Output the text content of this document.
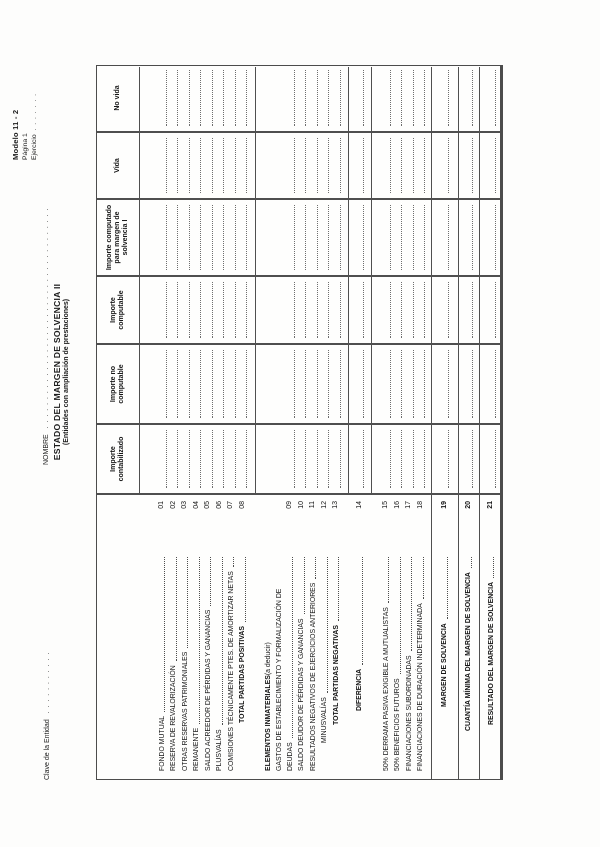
Modelo 11 - 2 Página 1 Ejercicio  . . . . . . .
Clave de la Entidad   . . . . . . . . . . .
NOMBRE   . . . . . . . . . . . . . . . . . . . . . . . . . . . . . . . . . . . . . . ESTADO DEL MARGEN DE SOLVENCIA II (Entidades con ampliación de prestaciones)
Importe contabilizado
Importe no computable
Importe computable
Importe computado para margen de solvencia I
Vida
No vida
FONDO MUTUAL
01
RESERVA DE REVALORIZACIÓN
02
OTRAS RESERVAS PATRIMONIALES
03
REMANENTE
04
SALDO ACREEDOR DE PÉRDIDAS Y GANANCIAS
05
PLUSVALÍAS
06
COMISIONES TÉCNICAMENTE PTES. DE AMORTIZAR NETAS
07
TOTAL PARTIDAS POSITIVAS
08
ELEMENTOS INMATERIALES
(a deducir) GASTOS DE ESTABLECIMIENTO Y FORMALIZACIÓN DE DEUDAS
09
SALDO DEUDOR DE PÉRDIDAS Y GANANCIAS
10
RESULTADOS NEGATIVOS DE EJERCICIOS ANTERIORES
11
MINUSVALÍAS
12
TOTAL PARTIDAS NEGATIVAS
13
DIFERENCIA
14
50% DERRAMA PASIVA EXIGIBLE A MUTUALISTAS
15
50% BENEFICIOS FUTUROS
16
FINANCIACIONES SUBORDINADAS
17
FINANCIACIONES DE DURACIÓN INDETERMINADA
18
MARGEN DE SOLVENCIA
19
CUANTÍA MÍNIMA DEL MARGEN DE SOLVENCIA
20
RESULTADO DEL MARGEN DE SOLVENCIA
21
